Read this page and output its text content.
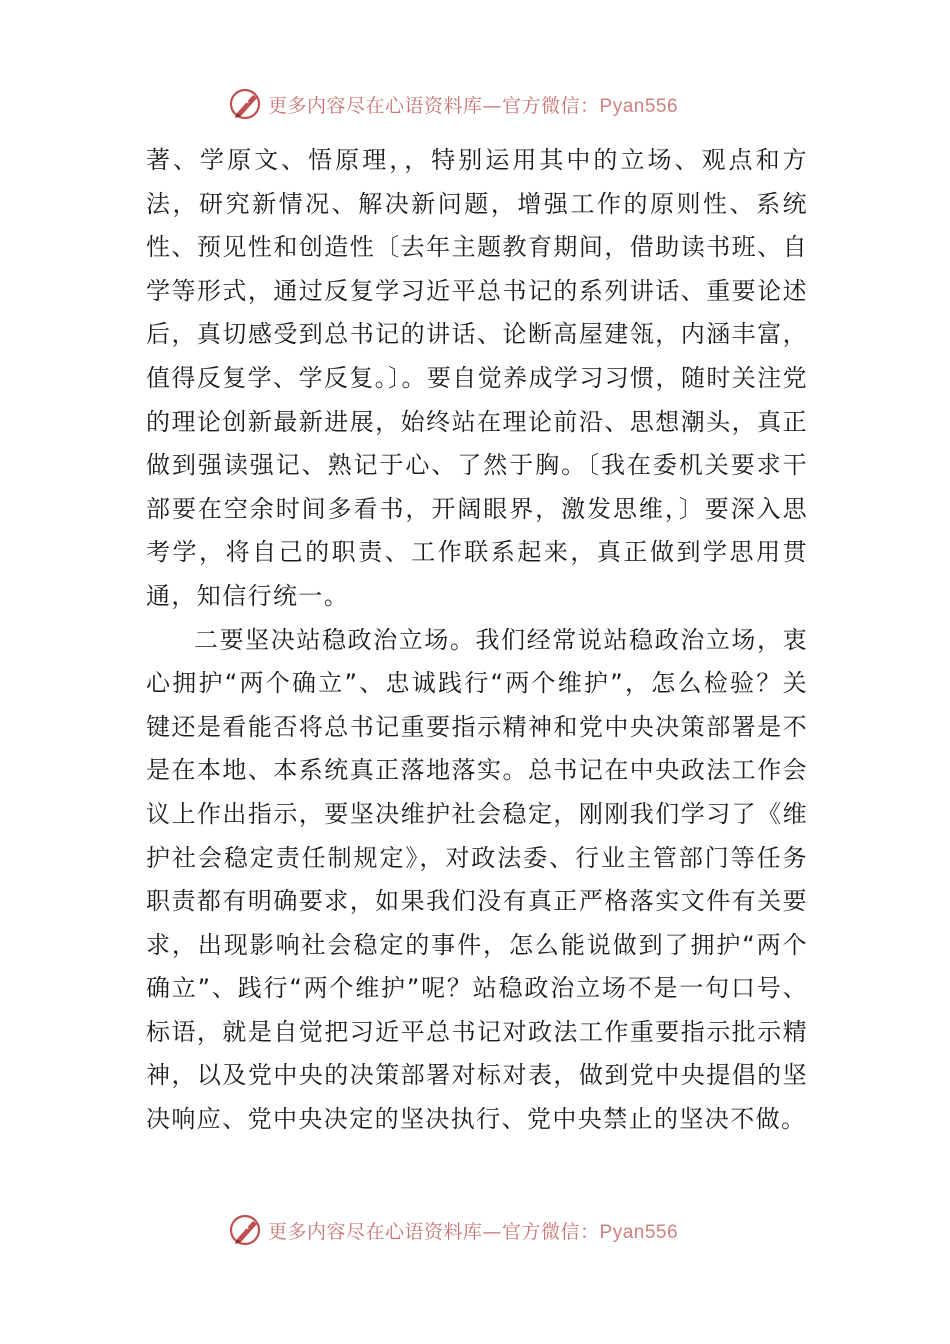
更多内容尽在心语资料库—官方微信：Pyan556

著、学原文、悟原理，，特别运用其中的立场、观点和方法，研究新情况、解决新问题，增强工作的原则性、系统性、预见性和创造性〔去年主题教育期间，借助读书班、自学等形式，通过反复学习近平总书记的系列讲话、重要论述后，真切感受到总书记的讲话、论断高屋建瓴，内涵丰富，值得反复学、学反复。〕。要自觉养成学习习惯，随时关注党的理论创新最新进展，始终站在理论前沿、思想潮头，真正做到强读强记、熟记于心、了然于胸。〔我在委机关要求干部要在空余时间多看书，开阔眼界，激发思维，〕要深入思考学，将自己的职责、工作联系起来，真正做到学思用贯通，知信行统一。

二要坚决站稳政治立场。我们经常说站稳政治立场，衷心拥护“两个确立”、忠诚践行“两个维护”，怎么检验？关键还是看能否将总书记重要指示精神和党中央决策部署是不是在本地、本系统真正落地落实。总书记在中央政法工作会议上作出指示，要坚决维护社会稳定，刚刚我们学习了《维护社会稳定责任制规定》，对政法委、行业主管部门等任务职责都有明确要求，如果我们没有真正严格落实文件有关要求，出现影响社会稳定的事件，怎么能说做到了拥护“两个确立”、践行“两个维护”呢？站稳政治立场不是一句口号、标语，就是自觉把习近平总书记对政法工作重要指示批示精神，以及党中央的决策部署对标对表，做到党中央提倡的坚决响应、党中央决定的坚决执行、党中央禁止的坚决不做。

更多内容尽在心语资料库—官方微信：Pyan556
